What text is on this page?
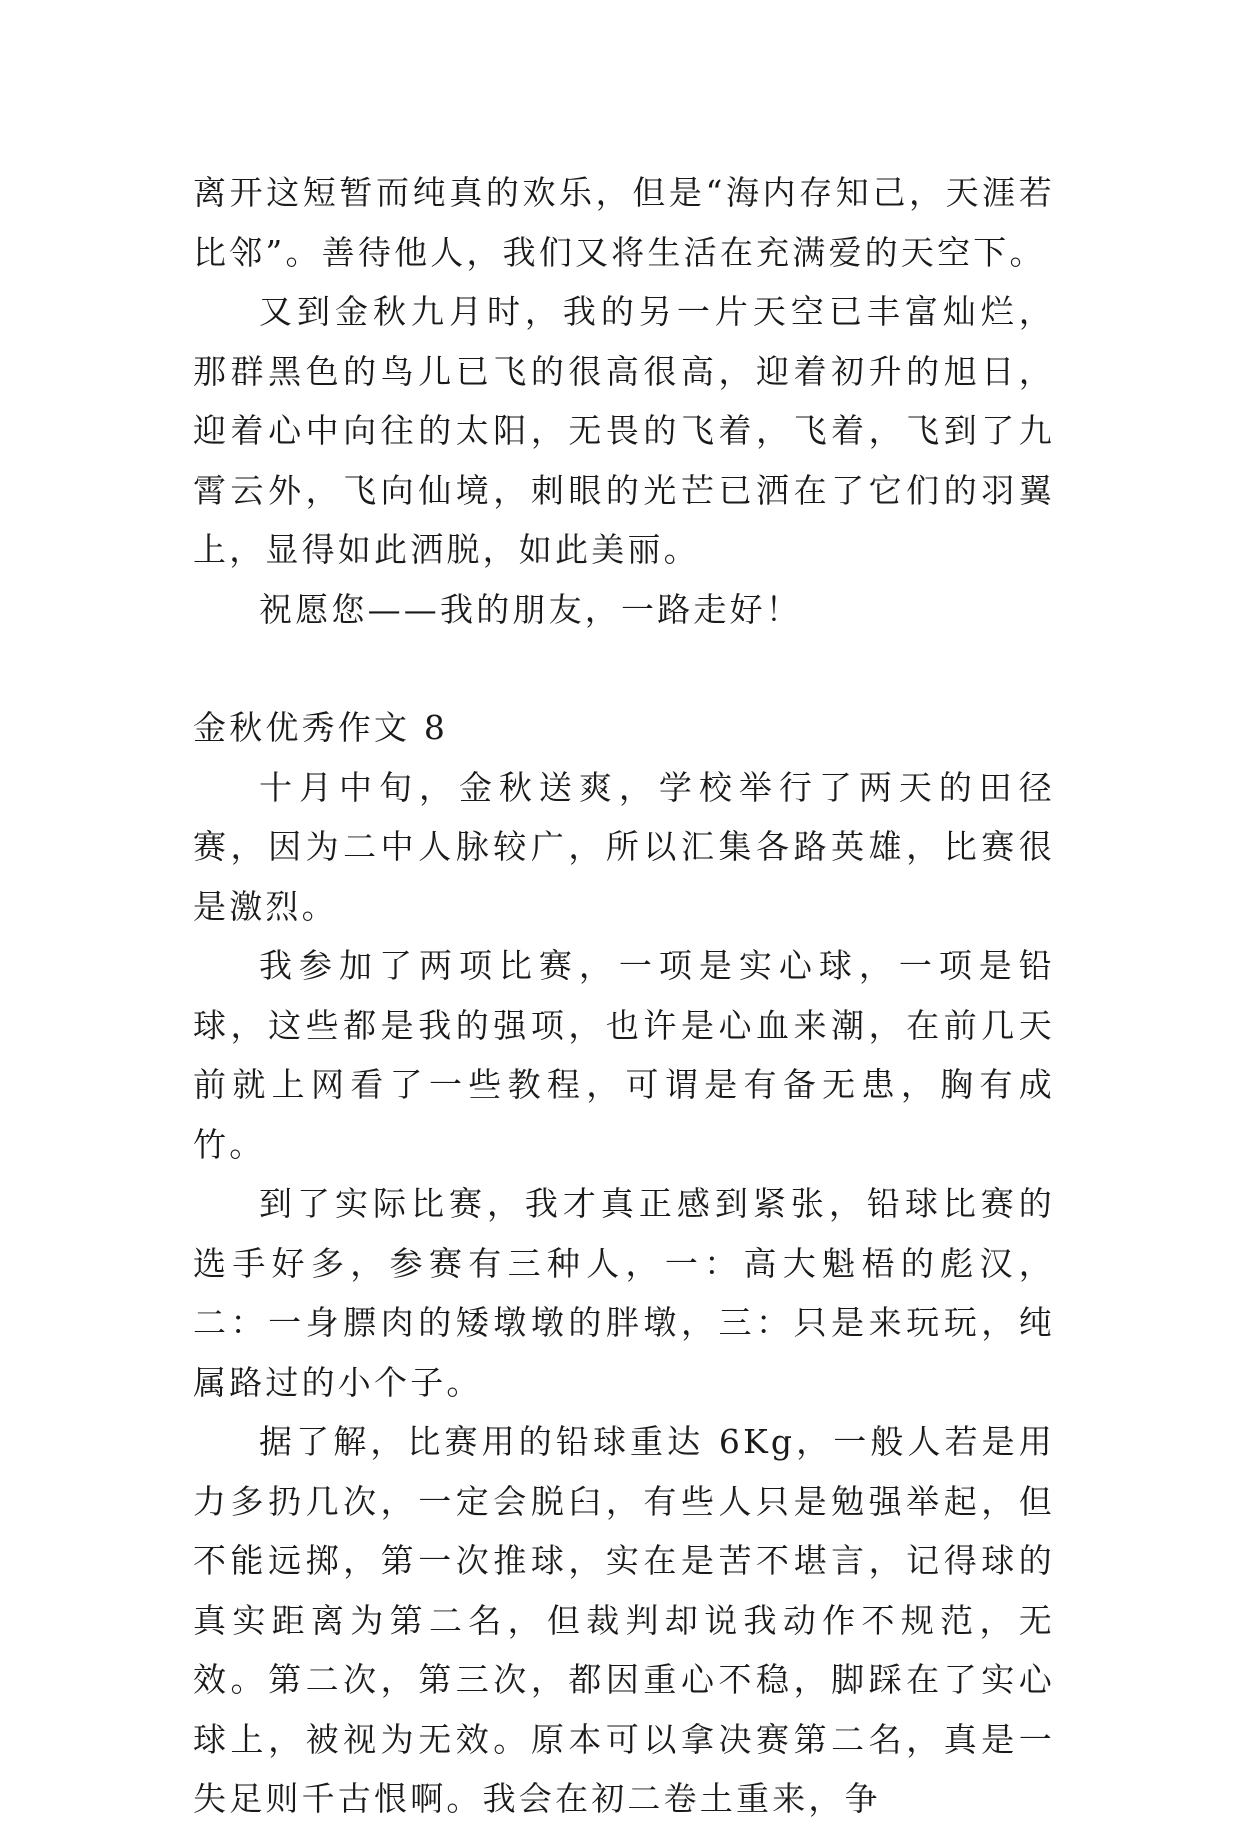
离开这短暂而纯真的欢乐，但是“海内存知己，天涯若比邻”。善待他人，我们又将生活在充满爱的天空下。

又到金秋九月时，我的另一片天空已丰富灿烂，那群黑色的鸟儿已飞的很高很高，迎着初升的旭日，迎着心中向往的太阳，无畏的飞着，飞着，飞到了九霄云外，飞向仙境，刺眼的光芒已洒在了它们的羽翼上，显得如此洒脱，如此美丽。

祝愿您——我的朋友，一路走好！

金秋优秀作文 8

十月中旬，金秋送爽，学校举行了两天的田径赛，因为二中人脉较广，所以汇集各路英雄，比赛很是激烈。

我参加了两项比赛，一项是实心球，一项是铅球，这些都是我的强项，也许是心血来潮，在前几天前就上网看了一些教程，可谓是有备无患，胸有成竹。

到了实际比赛，我才真正感到紧张，铅球比赛的选手好多，参赛有三种人，一：高大魁梧的彪汉，二：一身膘肉的矮墩墩的胖墩，三：只是来玩玩，纯属路过的小个子。

据了解，比赛用的铅球重达 6Kg，一般人若是用力多扔几次，一定会脱臼，有些人只是勉强举起，但不能远掷，第一次推球，实在是苦不堪言，记得球的真实距离为第二名，但裁判却说我动作不规范，无效。第二次，第三次，都因重心不稳，脚踩在了实心球上，被视为无效。原本可以拿决赛第二名，真是一失足则千古恨啊。我会在初二卷土重来，争
